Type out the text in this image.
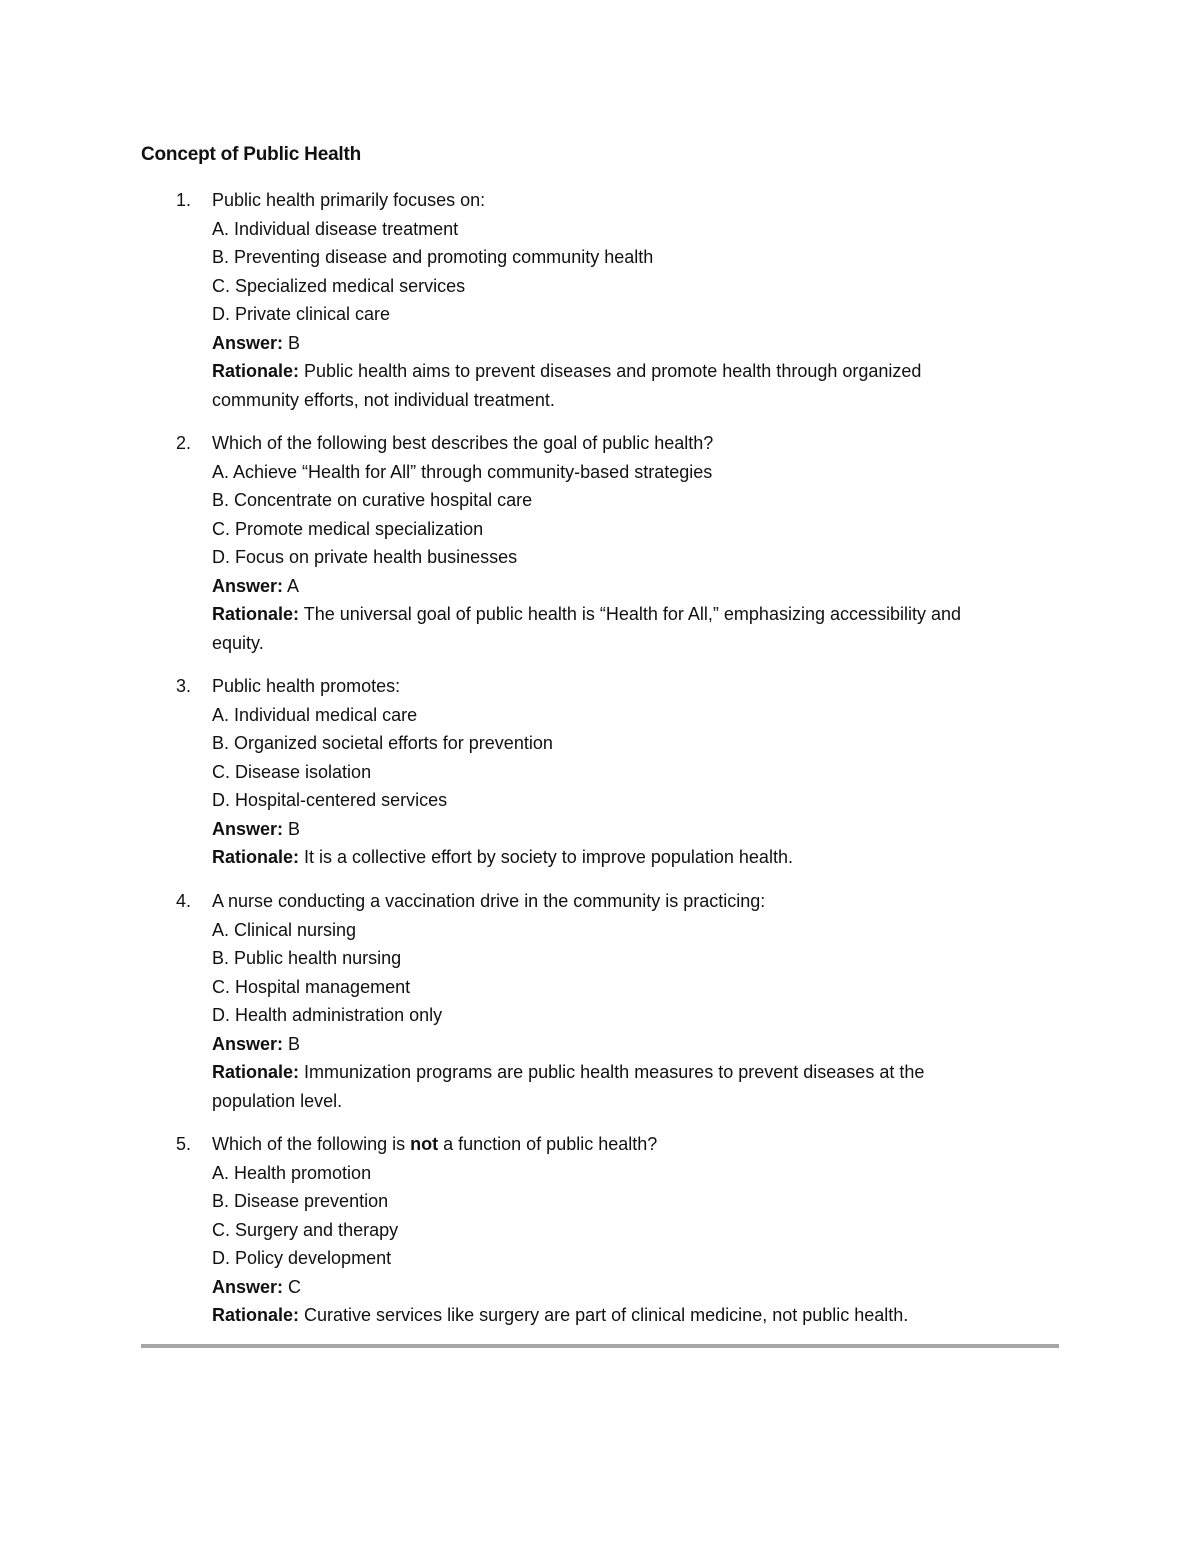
Concept of Public Health
1.	Public health primarily focuses on:
A. Individual disease treatment
B. Preventing disease and promoting community health
C. Specialized medical services
D. Private clinical care
Answer: B
Rationale: Public health aims to prevent diseases and promote health through organized
community efforts, not individual treatment.
2.	Which of the following best describes the goal of public health?
A. Achieve “Health for All” through community-based strategies
B. Concentrate on curative hospital care
C. Promote medical specialization
D. Focus on private health businesses
Answer: A
Rationale: The universal goal of public health is “Health for All,” emphasizing accessibility and
equity.
3.	Public health promotes:
A. Individual medical care
B. Organized societal efforts for prevention
C. Disease isolation
D. Hospital-centered services
Answer: B
Rationale: It is a collective effort by society to improve population health.
4.	A nurse conducting a vaccination drive in the community is practicing:
A. Clinical nursing
B. Public health nursing
C. Hospital management
D. Health administration only
Answer: B
Rationale: Immunization programs are public health measures to prevent diseases at the
population level.
5.	Which of the following is not a function of public health?
A. Health promotion
B. Disease prevention
C. Surgery and therapy
D. Policy development
Answer: C
Rationale: Curative services like surgery are part of clinical medicine, not public health.
